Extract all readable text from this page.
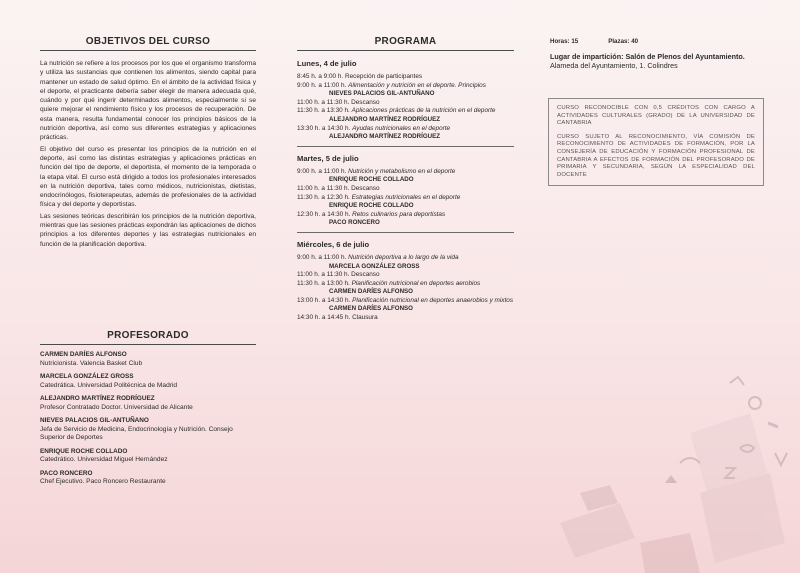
OBJETIVOS DEL CURSO

La nutrición se refiere a los procesos por los que el organismo transforma y utiliza las sustancias que contienen los alimentos, siendo capital para mantener un estado de salud óptimo. En el ámbito de la actividad física y el deporte, el practicante debería saber elegir de manera adecuada qué, cuándo y por qué ingerir determinados alimentos, especialmente si se quiere mejorar el rendimiento físico y los procesos de recuperación. De esta manera, resulta fundamental conocer los principios básicos de la nutrición deportiva, así como sus diferentes estrategias y aplicaciones prácticas.

El objetivo del curso es presentar los principios de la nutrición en el deporte, así como las distintas estrategias y aplicaciones prácticas en función del tipo de deporte, el deportista, el momento de la temporada o la etapa vital. El curso está dirigido a todos los profesionales interesados en la nutrición deportiva, tales como médicos, nutricionistas, dietistas, endocrinólogos, fisioterapeutas, además de profesionales de la actividad física y del deporte y deportistas.

Las sesiones teóricas describirán los principios de la nutrición deportiva, mientras que las sesiones prácticas expondrán las aplicaciones de dichos principios a los diferentes deportes y las estrategias nutricionales en función de la planificación deportiva.

PROFESORADO
CARMEN DARÍES ALFONSO
Nutricionista. Valencia Basket Club
MARCELA GONZÁLEZ GROSS
Catedrática. Universidad Politécnica de Madrid
ALEJANDRO MARTÍNEZ RODRÍGUEZ
Profesor Contratado Doctor. Universidad de Alicante
NIEVES PALACIOS GIL-ANTUÑANO
Jefa de Servicio de Medicina, Endocrinología y Nutrición. Consejo Superior de Deportes
ENRIQUE ROCHE COLLADO
Catedrático. Universidad Miguel Hernández
PACO RONCERO
Chef Ejecutivo. Paco Roncero Restaurante
PROGRAMA
Lunes, 4 de julio
8:45 h. a 9:00 h. Recepción de participantes
9:00 h. a 11:00 h. Alimentación y nutrición en el deporte. Principios
NIEVES PALACIOS GIL-ANTUÑANO
11:00 h. a 11:30 h. Descanso
11:30 h. a 13:30 h. Aplicaciones prácticas de la nutrición en el deporte
ALEJANDRO MARTÍNEZ RODRÍGUEZ
13:30 h. a 14:30 h. Ayudas nutricionales en el deporte
ALEJANDRO MARTÍNEZ RODRÍGUEZ
Martes, 5 de julio
9:00 h. a 11:00 h. Nutrición y metabolismo en el deporte
ENRIQUE ROCHE COLLADO
11:00 h. a 11:30 h. Descanso
11:30 h. a 12:30 h. Estrategias nutricionales en el deporte
ENRIQUE ROCHE COLLADO
12:30 h. a 14:30 h. Retos culinarios para deportistas
PACO RONCERO
Miércoles, 6 de julio
9:00 h. a 11:00 h. Nutrición deportiva a lo largo de la vida
MARCELA GONZÁLEZ GROSS
11:00 h. a 11:30 h. Descanso
11:30 h. a 13:00 h. Planificación nutricional en deportes aerobios
CARMEN DARÍES ALFONSO
13:00 h. a 14:30 h. Planificación nutricional en deportes anaerobios y mixtos
CARMEN DARÍES ALFONSO
14:30 h. a 14:45 h. Clausura
Horas: 15	Plazas: 40
Lugar de impartición: Salón de Plenos del Ayuntamiento.
Alameda del Ayuntamiento, 1. Colindres

CURSO RECONOCIBLE CON 0,5 CRÉDITOS CON CARGO A ACTIVIDADES CULTURALES (GRADO) DE LA UNIVERSIDAD DE CANTABRIA

CURSO SUJETO AL RECONOCIMIENTO, VÍA COMISIÓN DE RECONOCIMIENTO DE ACTIVIDADES DE FORMACIÓN, POR LA CONSEJERÍA DE EDUCACIÓN Y FORMACIÓN PROFESIONAL DE CANTABRIA A EFECTOS DE FORMACIÓN DEL PROFESORADO DE PRIMARIA Y SECUNDARIA, SEGÚN LA ESPECIALIDAD DEL DOCENTE
